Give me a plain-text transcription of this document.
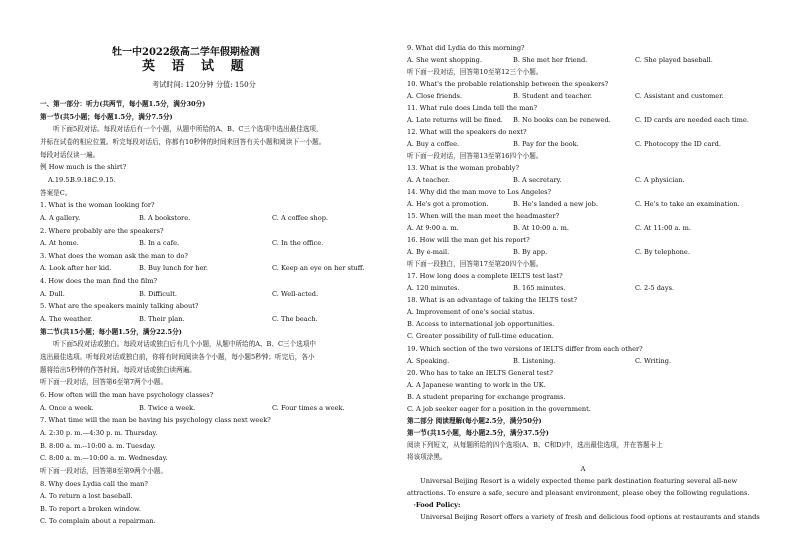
牡一中2022级高二学年假期检测
英 语 试 题
考试时间: 120分钟 分值: 150分
一、第一部分：听力(共两节，每小题1.5分，满分30分)
第一节(共5小题；每小题1.5分，满分7.5分)
　　听下面5段对话。每段对话后有一个小题，从题中所给的A、B、C三个选项中选出最佳选项，
并标在试卷的相应位置。听完每段对话后，你都有10秒钟的时间来回答有关小题和阅读下一小题。
每段对话仅读一遍。
例 How much is the shirt?
A.19.5.
B.9.18.
C.9.15.
答案是C。
1. What is the woman looking for?
A. A gallery.	B. A bookstore.	C. A coffee shop.
2. Where probably are the speakers?
A. At home.	B. In a cafe.	C. In the office.
3. What does the woman ask the man to do?
A. Look after her kid.	B. Buy lunch for her.	C. Keep an eye on her stuff.
4. How does the man find the film?
A. Dull.	B. Difficult.	C. Well-acted.
5. What are the speakers mainly talking about?
A. The weather.	B. Their plan.	C. The beach.
第二节(共15小题；每小题1.5分，满分22.5分)
　　听下面5段对话或独白。每段对话或独白后有几个小题，从题中所给的A、B、C三个选项中
选出最佳选项。听每段对话或独白前，你将有时间阅读各个小题，每小题5秒钟；听完后，各小
题将给出5秒钟的作答时间。每段对话或独白读两遍。
听下面一段对话，回答第6至第7两个小题。
6. How often will the man have psychology classes?
A. Once a week.	B. Twice a week.	C. Four times a week.
7. What time will the man be having his psychology class next week?
A. 2:30 p. m.—4:30 p. m. Thursday.
B. 8:00 a. m.--10:00 a. m. Tuesday.
C. 8:00 a. m.—10:00 a. m. Wednesday.
听下面一段对话，回答第8至第9两个小题。
8. Why does Lydia call the man?
A. To return a lost baseball.
B. To report a broken window.
C. To complain about a repairman.
9. What did Lydia do this morning?
A. She went shopping.	B. She met her friend.	C. She played baseball.
听下面一段对话，回答第10至第12三个小题。
10. What's the probable relationship between the speakers?
A. Close friends.	B. Student and teacher.	C. Assistant and customer.
11. What rule does Linda tell the man?
A. Late returns will be fined. B. No books can be renewed.	C. ID cards are needed each time.
12. What will the speakers do next?
A. Buy a coffee.	B. Pay for the book.	C. Photocopy the ID card.
听下面一段对话，回答第13至第16四个小题。
13. What is the woman probably?
A. A teacher.	B. A secretary.	C. A physician.
14. Why did the man move to Los Angeles?
A. He's got a promotion.	B. He's landed a new job.	C. He's to take an examination.
15. When will the man meet the headmaster?
A. At 9:00 a. m.	B. At 10:00 a. m.	C. At 11:00 a. m.
16. How will the man get his report?
A. By e-mail.	B. By app.	C. By telephone.
听下面一段独白，回答第17至第20四个小题。
17. How long does a complete IELTS test last?
A. 120 minutes.	B. 165 minutes.	C. 2-5 days.
18. What is an advantage of taking the IELTS test?
A. Improvement of one's social status.
B. Access to international job opportunities.
C. Greater possibility of full-time education.
19. Which section of the two versions of IELTS differ from each other?
A. Speaking.	B. Listening.	C. Writing.
20. Who has to take an IELTS General test?
A. A Japanese wanting to work in the UK.
B. A student preparing for exchange programs.
C. A job seeker eager for a position in the government.
第二部分 阅读理解(每小题2.5分，满分50分)
第一节(共15小题，每小题2.5分，满分37.5分)
阅读下列短文，从每题所给的四个选项(A、B、C和D)中，选出最佳选项，并在答题卡上
将该项涂黑。
A
　　Universal Beijing Resort is a widely expected theme park destination featuring several all-new
attractions. To ensure a safe, secure and pleasant environment, please obey the following regulations.
　·Food Policy:
　　Universal Beijing Resort offers a variety of fresh and delicious food options at restaurants and stands
